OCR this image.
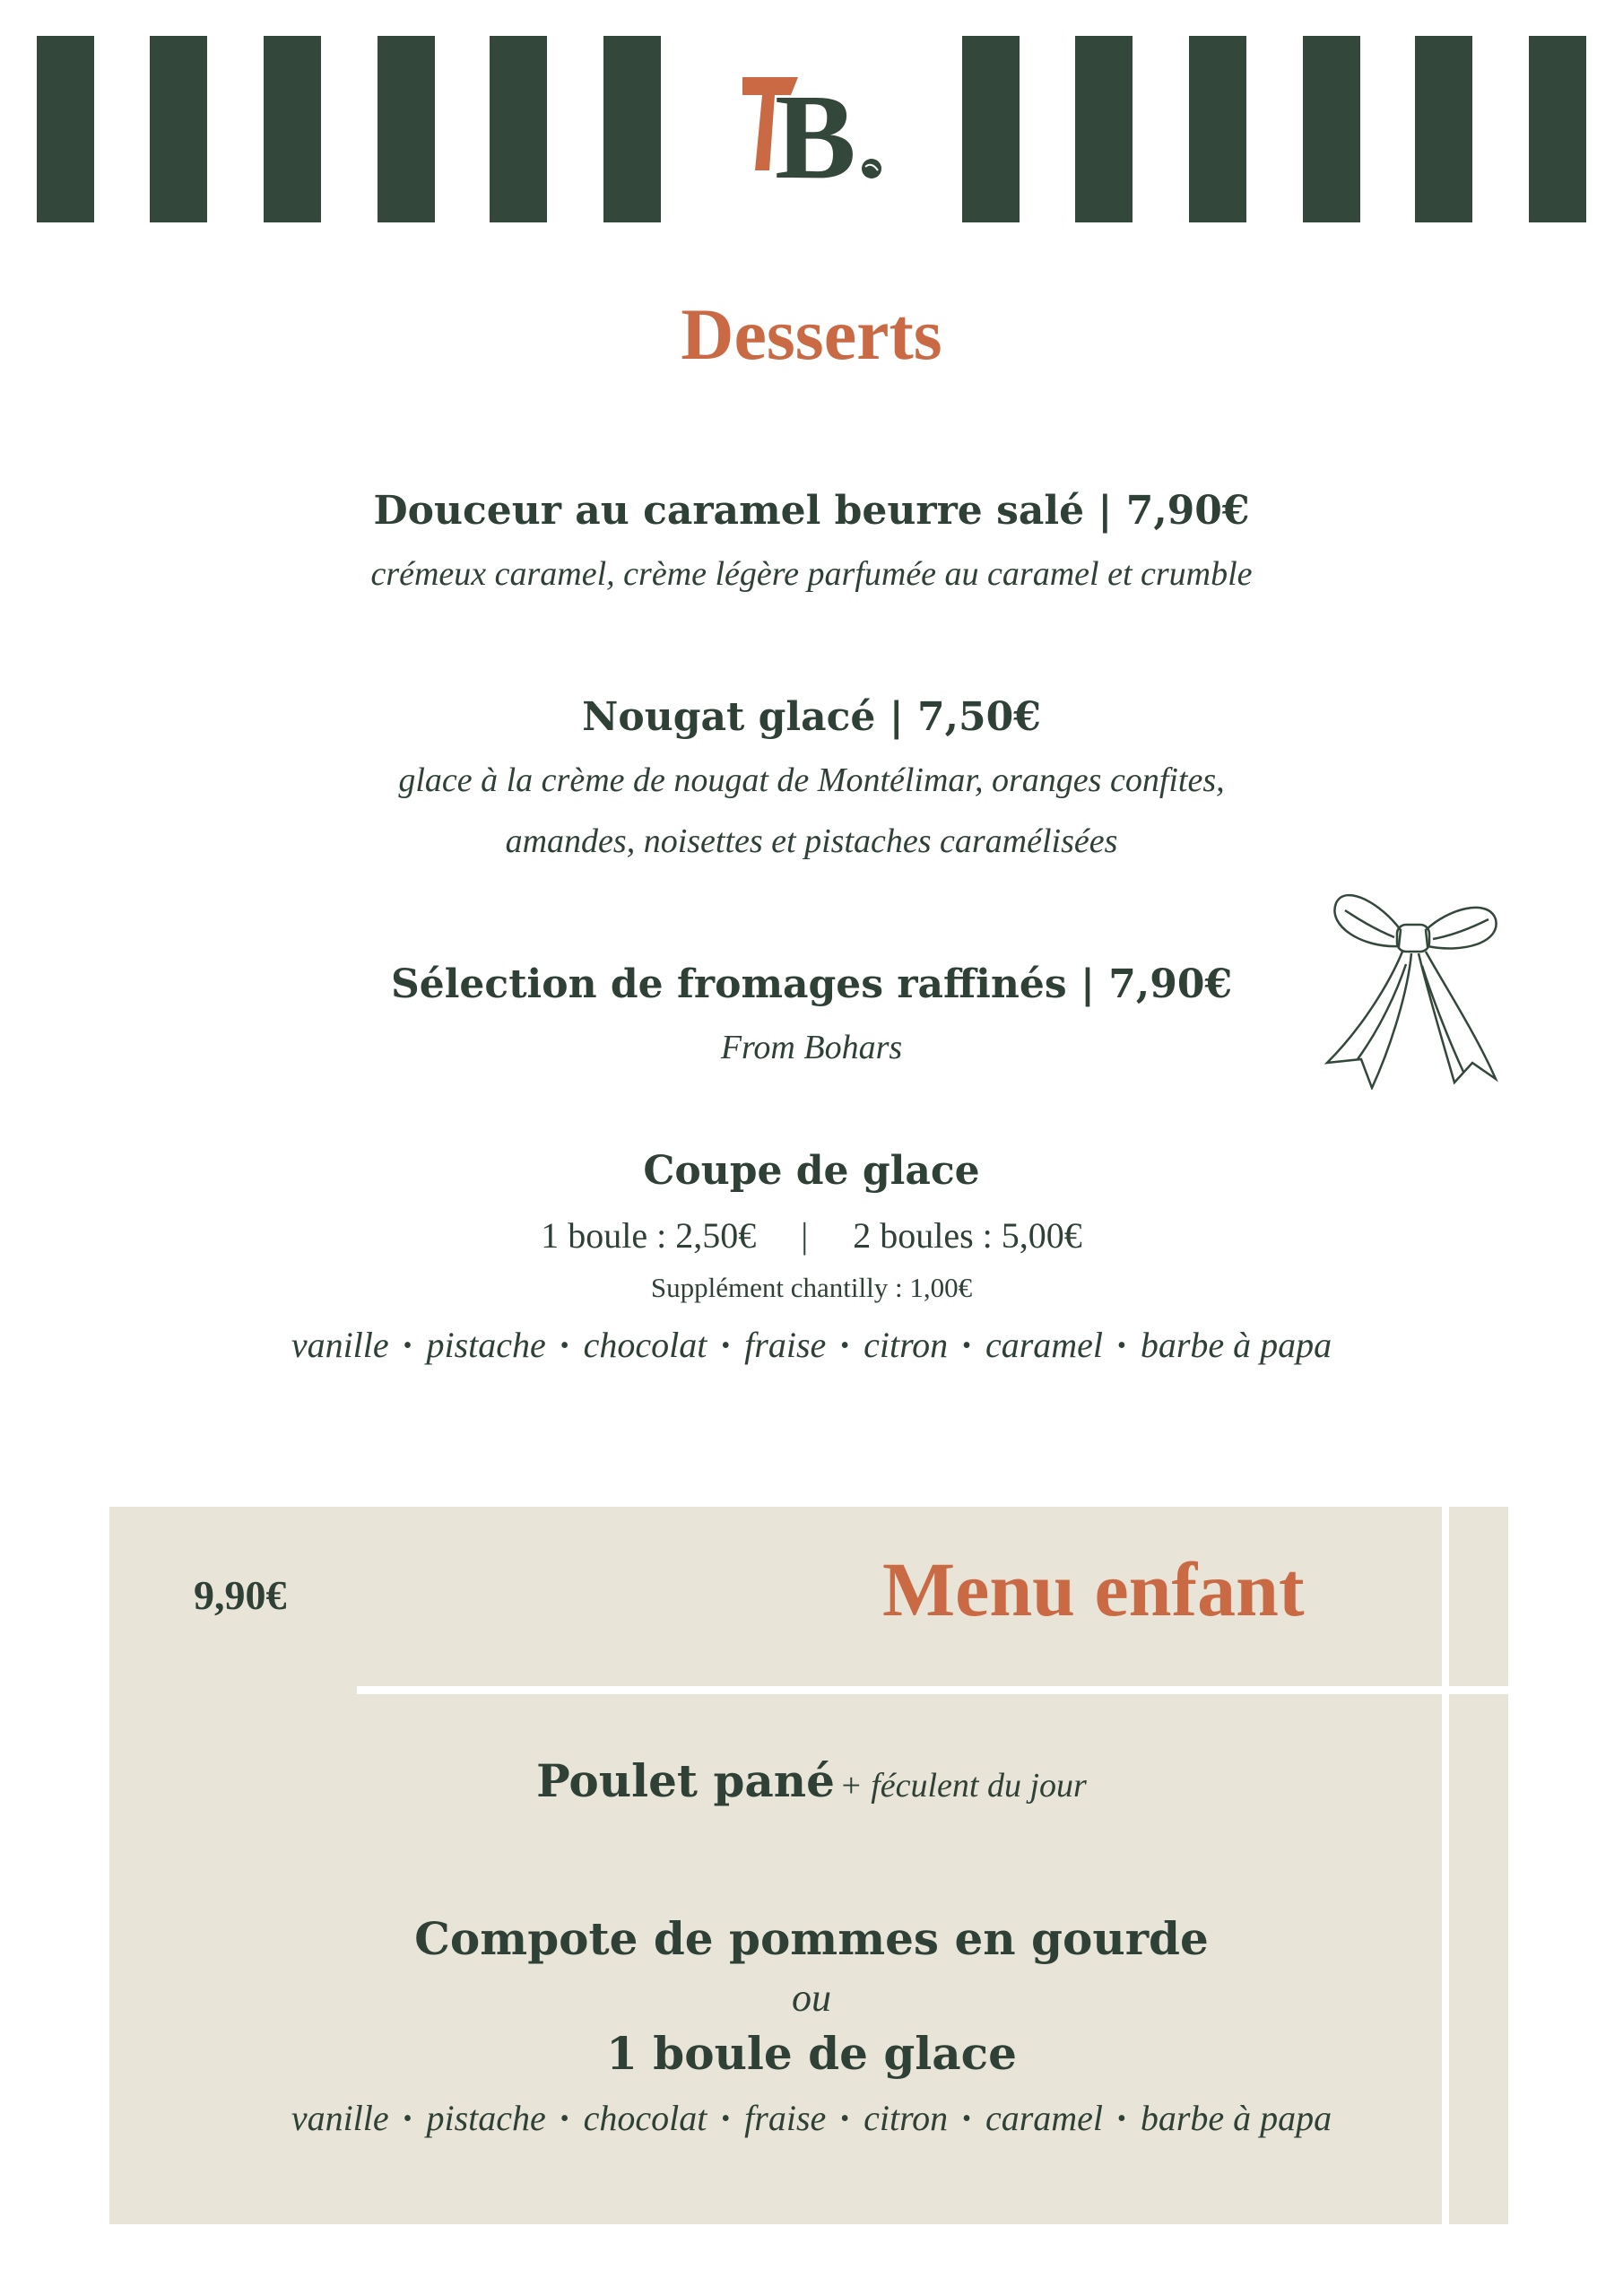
B
Desserts
Douceur au caramel beurre salé | 7,90€
crémeux caramel, crème légère parfumée au caramel et crumble
Nougat glacé | 7,50€
glace à la crème de nougat de Montélimar, oranges confites,
amandes, noisettes et pistaches caramélisées
Sélection de fromages raffinés | 7,90€
From Bohars
Coupe de glace
1 boule : 2,50€     |     2 boules : 5,00€
Supplément chantilly : 1,00€
vanille • pistache • chocolat • fraise • citron • caramel • barbe à papa
9,90€	Menu enfant
Poulet pané + féculent du jour
Compote de pommes en gourde
ou
1 boule de glace
vanille • pistache • chocolat • fraise • citron • caramel • barbe à papa
